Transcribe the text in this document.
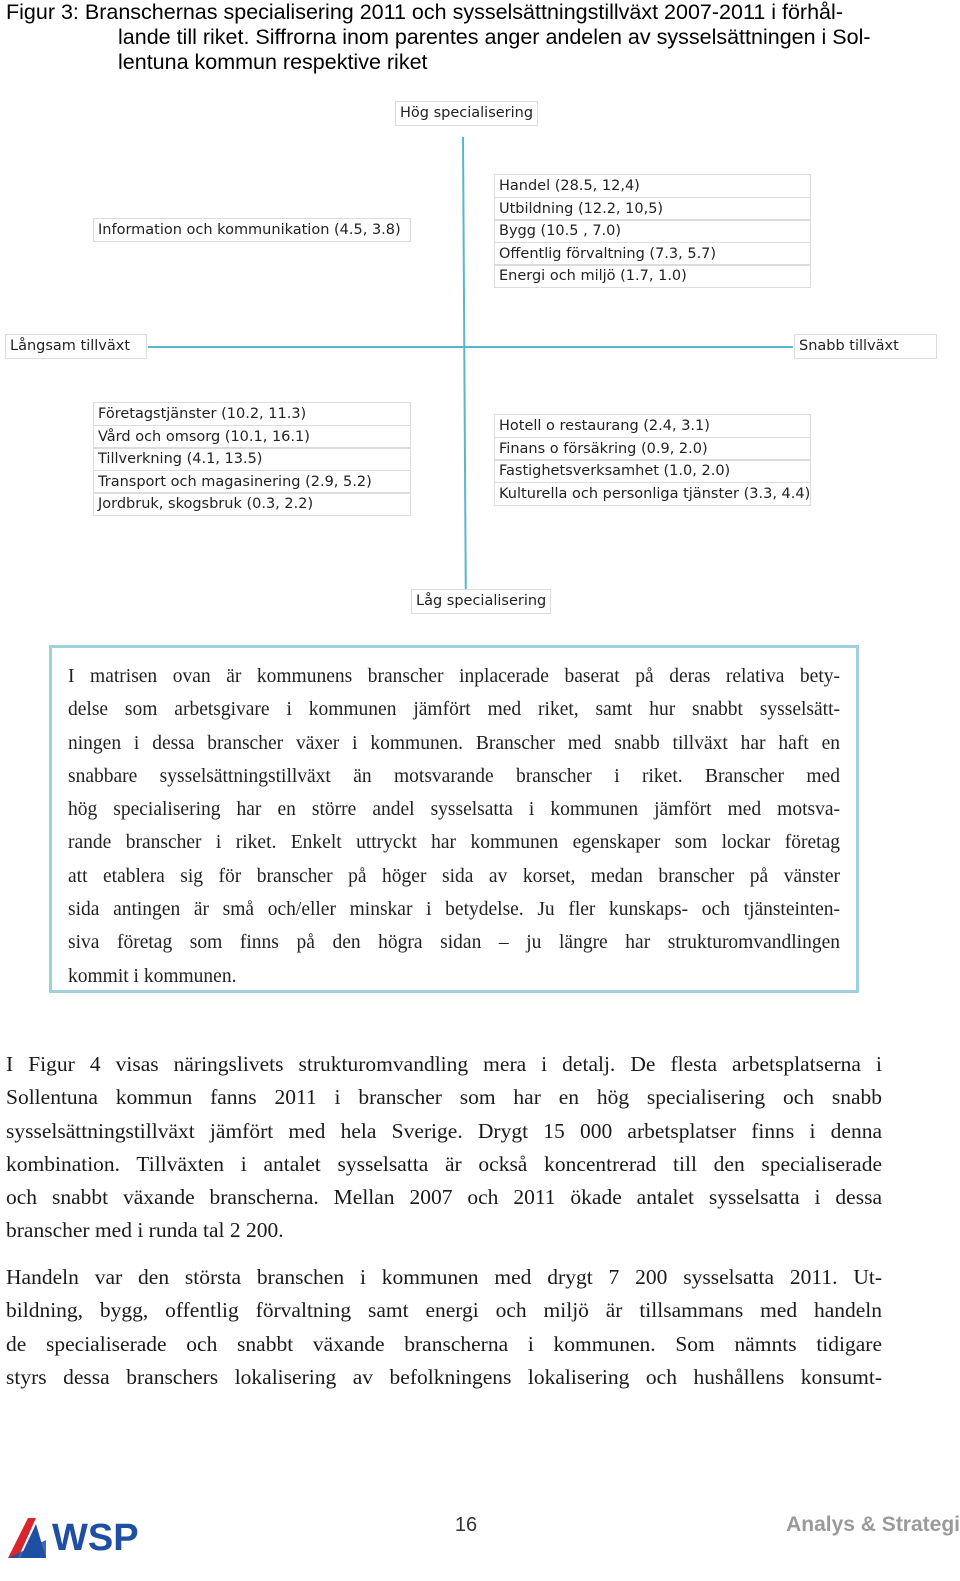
Figur 3: Branschernas specialisering 2011 och sysselsättningstillväxt 2007-2011 i förhål-
lande till riket. Siffrorna inom parentes anger andelen av sysselsättningen i Sol-
lentuna kommun respektive riket
Hög specialisering
Låg specialisering
Långsam tillväxt	Snabb tillväxt
Information och kommunikation (4.5, 3.8)
Handel (28.5, 12,4)
Utbildning (12.2, 10,5)
Bygg (10.5 , 7.0)
Offentlig förvaltning (7.3, 5.7)
Energi och miljö (1.7, 1.0)
Företagstjänster (10.2, 11.3)
Vård och omsorg (10.1, 16.1)
Tillverkning (4.1, 13.5)
Transport och magasinering (2.9, 5.2)
Jordbruk, skogsbruk (0.3, 2.2)
Hotell o restaurang (2.4, 3.1)
Finans o försäkring (0.9, 2.0)
Fastighetsverksamhet (1.0, 2.0)
Kulturella och personliga tjänster (3.3, 4.4)
I matrisen ovan är kommunens branscher inplacerade baserat på deras relativa bety-
delse som arbetsgivare i kommunen jämfört med riket, samt hur snabbt sysselsätt-
ningen i dessa branscher växer i kommunen. Branscher med snabb tillväxt har haft en
snabbare sysselsättningstillväxt än motsvarande branscher i riket. Branscher med
hög specialisering har en större andel sysselsatta i kommunen jämfört med motsva-
rande branscher i riket. Enkelt uttryckt har kommunen egenskaper som lockar företag
att etablera sig för branscher på höger sida av korset, medan branscher på vänster
sida antingen är små och/eller minskar i betydelse. Ju fler kunskaps- och tjänsteinten-
siva företag som finns på den högra sidan – ju längre har strukturomvandlingen
kommit i kommunen.
I Figur 4 visas näringslivets strukturomvandling mera i detalj. De flesta arbetsplatserna i
Sollentuna kommun fanns 2011 i branscher som har en hög specialisering och snabb
sysselsättningstillväxt jämfört med hela Sverige. Drygt 15 000 arbetsplatser finns i denna
kombination. Tillväxten i antalet sysselsatta är också koncentrerad till den specialiserade
och snabbt växande branscherna. Mellan 2007 och 2011 ökade antalet sysselsatta i dessa
branscher med i runda tal 2 200.
Handeln var den största branschen i kommunen med drygt 7 200 sysselsatta 2011. Ut-
bildning, bygg, offentlig förvaltning samt energi och miljö är tillsammans med handeln
de specialiserade och snabbt växande branscherna i kommunen. Som nämnts tidigare
styrs dessa branschers lokalisering av befolkningens lokalisering och hushållens konsumt-
WSP	16	Analys & Strategi
